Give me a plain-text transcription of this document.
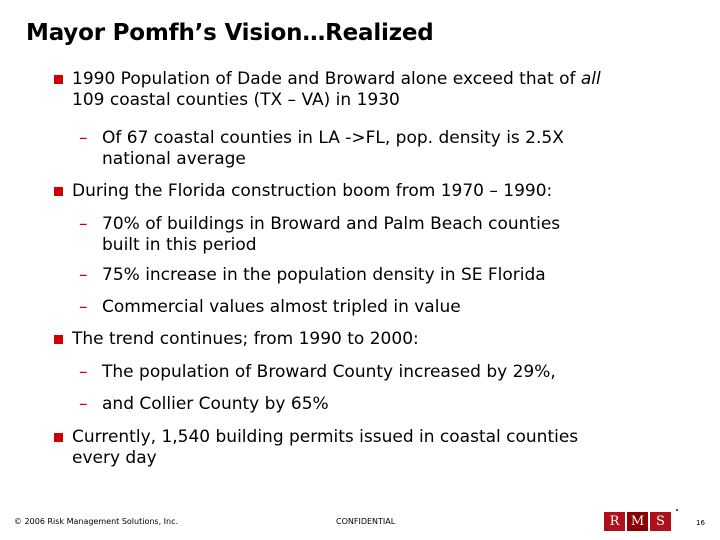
Mayor Pomfh’s Vision…Realized
1990 Population of Dade and Broward alone exceed that of all
109 coastal counties (TX – VA) in 1930
– Of 67 coastal counties in LA ->FL, pop. density is 2.5X
national average
During the Florida construction boom from 1970 – 1990:
– 70% of buildings in Broward and Palm Beach counties
built in this period
– 75% increase in the population density in SE Florida
– Commercial values almost tripled in value
The trend continues; from 1990 to 2000:
– The population of Broward County increased by 29%,
– and Collier County by 65%
Currently, 1,540 building permits issued in coastal counties
every day
© 2006 Risk Management Solutions, Inc.	CONFIDENTIAL	R M S	16
